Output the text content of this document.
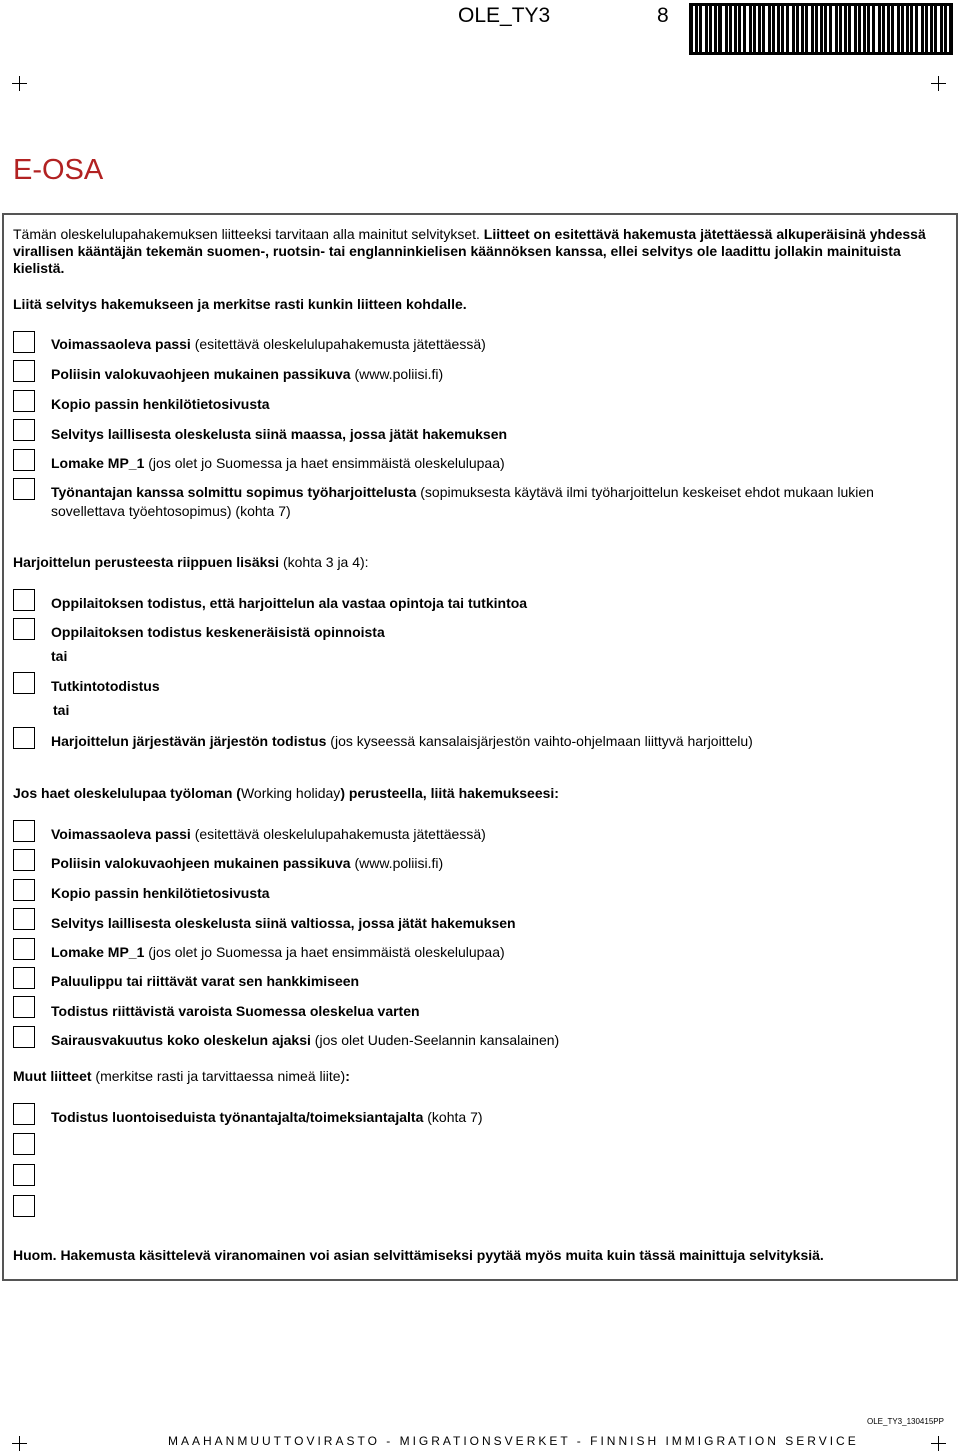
OLE_TY3	8
E-OSA
Tämän oleskelulupahakemuksen liitteeksi tarvitaan alla mainitut selvitykset. Liitteet on esitettävä hakemusta jätettäessä alkuperäisinä yhdessä virallisen kääntäjän tekemän suomen-, ruotsin- tai englanninkielisen käännöksen kanssa, ellei selvitys ole laadittu jollakin mainituista kielistä.
Liitä selvitys hakemukseen ja merkitse rasti kunkin liitteen kohdalle.
Voimassaoleva passi (esitettävä oleskelulupahakemusta jätettäessä)
Poliisin valokuvaohjeen mukainen passikuva (www.poliisi.fi)
Kopio passin henkilötietosivusta
Selvitys laillisesta oleskelusta siinä maassa, jossa jätät hakemuksen
Lomake MP_1 (jos olet jo Suomessa ja haet ensimmäistä oleskelulupaa)
Työnantajan kanssa solmittu sopimus työharjoittelusta (sopimuksesta käytävä ilmi työharjoittelun keskeiset ehdot mukaan lukien
sovellettava työehtosopimus) (kohta 7)
Harjoittelun perusteesta riippuen lisäksi (kohta 3 ja 4):
Oppilaitoksen todistus, että harjoittelun ala vastaa opintoja tai tutkintoa
Oppilaitoksen todistus keskeneräisistä opinnoista
tai
Tutkintotodistus
tai
Harjoittelun järjestävän järjestön todistus (jos kyseessä kansalaisjärjestön vaihto-ohjelmaan liittyvä harjoittelu)
Jos haet oleskelulupaa työloman (Working holiday) perusteella, liitä hakemukseesi:
Voimassaoleva passi (esitettävä oleskelulupahakemusta jätettäessä)
Poliisin valokuvaohjeen mukainen passikuva (www.poliisi.fi)
Kopio passin henkilötietosivusta
Selvitys laillisesta oleskelusta siinä valtiossa, jossa jätät hakemuksen
Lomake MP_1 (jos olet jo Suomessa ja haet ensimmäistä oleskelulupaa)
Paluulippu tai riittävät varat sen hankkimiseen
Todistus riittävistä varoista Suomessa oleskelua varten
Sairausvakuutus koko oleskelun ajaksi (jos olet Uuden-Seelannin kansalainen)
Muut liitteet (merkitse rasti ja tarvittaessa nimeä liite):
Todistus luontoiseduista työnantajalta/toimeksiantajalta (kohta 7)
Huom. Hakemusta käsittelevä viranomainen voi asian selvittämiseksi pyytää myös muita kuin tässä mainittuja selvityksiä.
OLE_TY3_130415PP
MAAHANMUUTTOVIRASTO - MIGRATIONSVERKET - FINNISH IMMIGRATION SERVICE
